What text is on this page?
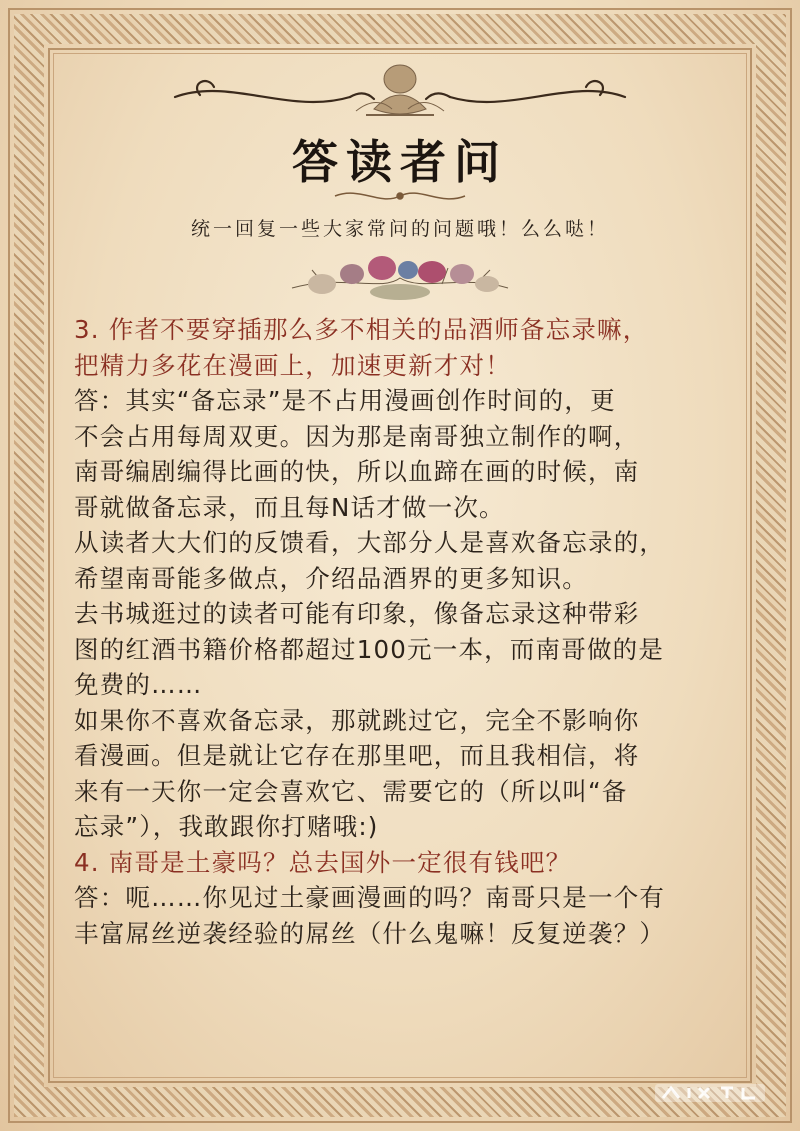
答读者问
统一回复一些大家常问的问题哦！么么哒！

3. 作者不要穿插那么多不相关的品酒师备忘录嘛，
把精力多花在漫画上，加速更新才对！

答：其实“备忘录”是不占用漫画创作时间的，更
不会占用每周双更。因为那是南哥独立制作的啊，
南哥编剧编得比画的快，所以血蹄在画的时候，南
哥就做备忘录，而且每N话才做一次。

从读者大大们的反馈看，大部分人是喜欢备忘录的，
希望南哥能多做点，介绍品酒界的更多知识。

去书城逛过的读者可能有印象，像备忘录这种带彩
图的红酒书籍价格都超过100元一本，而南哥做的是
免费的……

如果你不喜欢备忘录，那就跳过它，完全不影响你
看漫画。但是就让它存在那里吧，而且我相信，将
来有一天你一定会喜欢它、需要它的（所以叫“备
忘录”），我敢跟你打赌哦:)

4. 南哥是土豪吗？总去国外一定很有钱吧？

答：呃……你见过土豪画漫画的吗？南哥只是一个有
丰富屌丝逆袭经验的屌丝（什么鬼嘛！反复逆袭？）
